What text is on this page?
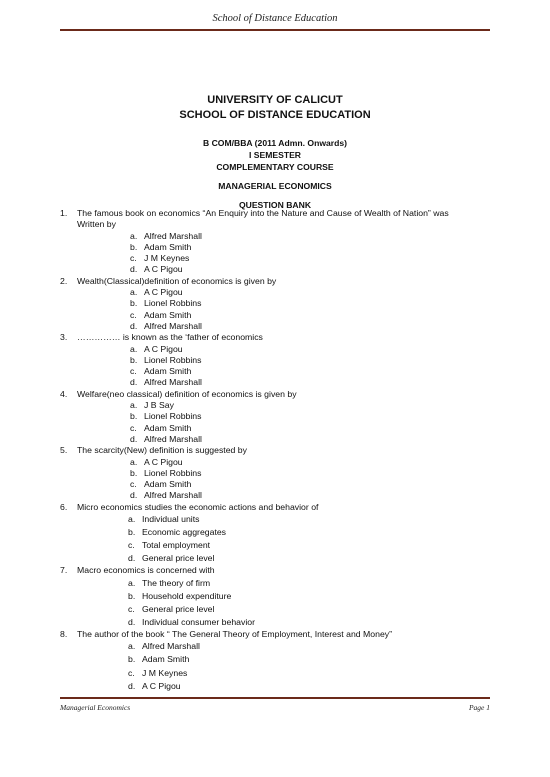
School of Distance Education
UNIVERSITY OF CALICUT
SCHOOL OF DISTANCE EDUCATION
B COM/BBA (2011 Admn. Onwards)
I SEMESTER
COMPLEMENTARY COURSE
MANAGERIAL ECONOMICS
QUESTION BANK
1.	The famous book on economics “An Enquiry into the Nature and Cause of Wealth of Nation” was
Written by
a. Alfred Marshall
b. Adam Smith
c. J M Keynes
d. A C Pigou
2.	Wealth(Classical)definition of economics is given by
a. A C Pigou
b. Lionel Robbins
c. Adam Smith
d. Alfred Marshall
3.	…………… is known as the ‘father of economics
a. A C Pigou
b. Lionel Robbins
c. Adam Smith
d. Alfred Marshall
4.	Welfare(neo classical) definition of economics is given by
a. J B Say
b. Lionel Robbins
c. Adam Smith
d. Alfred Marshall
5.	The scarcity(New) definition is suggested by
a. A C Pigou
b. Lionel Robbins
c. Adam Smith
d. Alfred Marshall
6.	Micro economics studies the economic actions and behavior of
a. Individual units
b. Economic aggregates
c. Total employment
d. General price level
7.	Macro economics is concerned with
a. The theory of firm
b. Household expenditure
c. General price level
d. Individual consumer behavior
8.	The author of the book “ The General Theory of Employment, Interest and Money”
a. Alfred Marshall
b. Adam Smith
c. J M Keynes
d. A C Pigou
Managerial Economics	Page 1
